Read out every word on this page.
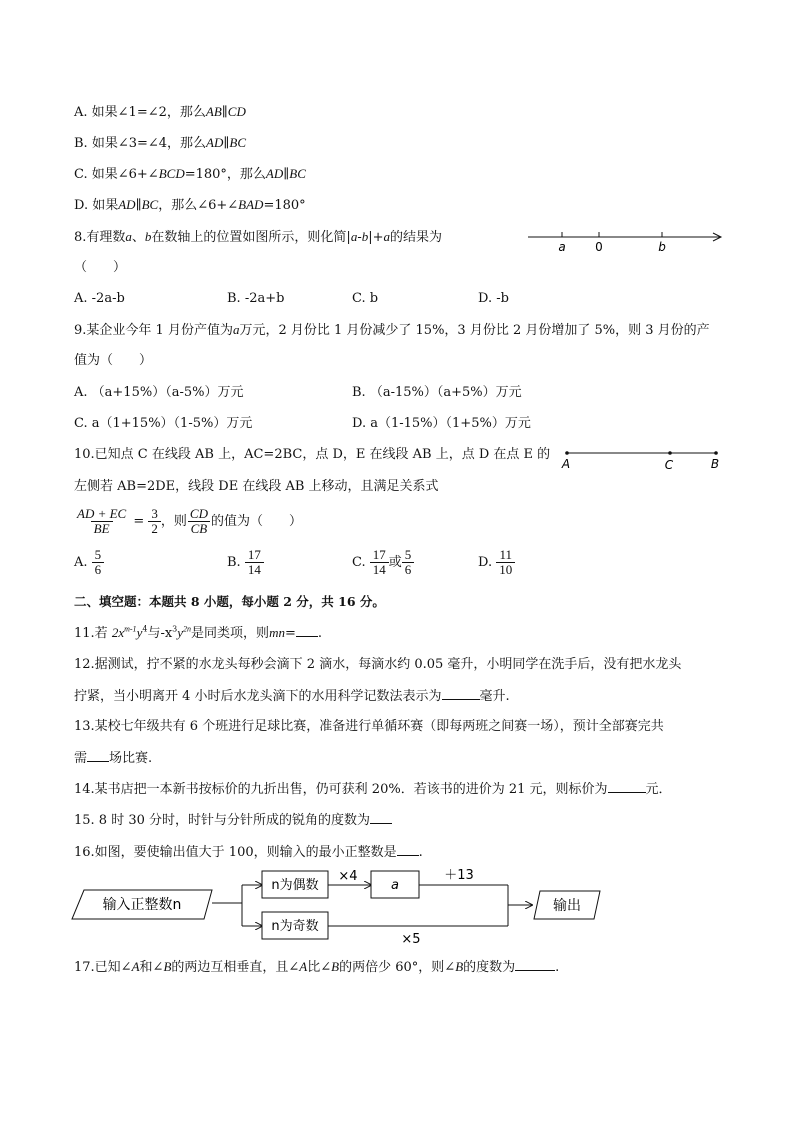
A. 如果∠1=∠2，那么AB∥CD
B. 如果∠3=∠4，那么AD∥BC
C. 如果∠6+∠BCD=180°，那么AD∥BC
D. 如果AD∥BC，那么∠6+∠BAD=180°
8.有理数a、b在数轴上的位置如图所示，则化简|a-b|+a的结果为
（　　）
a 0	b
A. -2a-b	B. -2a+b	C. b	D. -b
9.某企业今年 1 月份产值为a万元，2 月份比 1 月份减少了 15%，3 月份比 2 月份增加了 5%，则 3 月份的产
值为（　　）
A. （a+15%）（a-5%）万元	B. （a-15%）（a+5%）万元
C. a（1+15%）（1-5%）万元	D. a（1-15%）（1+5%）万元
10.已知点 C 在线段 AB 上，AC=2BC，点 D，E 在线段 AB 上，点 D 在点 E 的
左侧若 AB=2DE，线段 DE 在线段 AB 上移动，且满足关系式
A	C	B
$\frac{AD + EC}{BE} = \frac{3}{2}$ ，则 $\frac{CD}{CB}$ 的值为（　　）
A. $\frac{5}{6}$	B. $\frac{17}{14}$	C. $\frac{17}{14}$ 或 $\frac{5}{6}$	D. $\frac{11}{10}$
二、填空题：本题共 8 小题，每小题 2 分，共 16 分。
11.若 $2x^{m-1}y^4$与$-x^3y^{2n}$是同类项，则mn= .
12.据测试，拧不紧的水龙头每秒会滴下 2 滴水，每滴水约 0.05 毫升，小明同学在洗手后，没有把水龙头
拧紧，当小明离开 4 小时后水龙头滴下的水用科学记数法表示为	毫升.
13.某校七年级共有 6 个班进行足球比赛，准备进行单循环赛（即每两班之间赛一场），预计全部赛完共
需 场比赛.
14.某书店把一本新书按标价的九折出售，仍可获利 20%．若该书的进价为 21 元，则标价为	元．
15. 8 时 30 分时，时针与分针所成的锐角的度数为
16.如图，要使输出值大于 100，则输入的最小正整数是 .
输入正整数n
n为偶数
n为奇数
×4
a
＋13
×5
输出
17.已知∠A和∠B的两边互相垂直，且∠A比∠B的两倍少 60°，则∠B的度数为	.
